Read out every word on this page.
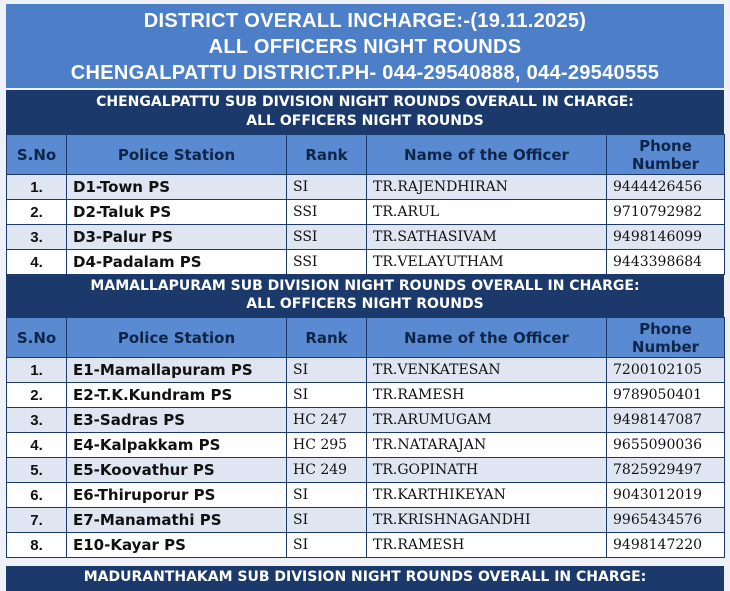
DISTRICT OVERALL INCHARGE:-(19.11.2025)
ALL OFFICERS NIGHT ROUNDS
CHENGALPATTU DISTRICT.PH- 044-29540888, 044-29540555
CHENGALPATTU SUB DIVISION NIGHT ROUNDS OVERALL IN CHARGE:
ALL OFFICERS NIGHT ROUNDS
S.No	Police Station	Rank	Name of the Officer	Phone
Number
1.	D1-Town PS	SI	TR.RAJENDHIRAN	9444426456
2.	D2-Taluk PS	SSI	TR.ARUL	9710792982
3.	D3-Palur PS	SSI	TR.SATHASIVAM	9498146099
4.	D4-Padalam PS	SSI	TR.VELAYUTHAM	9443398684
MAMALLAPURAM SUB DIVISION NIGHT ROUNDS OVERALL IN CHARGE:
ALL OFFICERS NIGHT ROUNDS
S.No	Police Station	Rank	Name of the Officer	Phone
Number
1.	E1-Mamallapuram PS	SI	TR.VENKATESAN	7200102105
2.	E2-T.K.Kundram PS	SI	TR.RAMESH	9789050401
3.	E3-Sadras PS	HC 247	TR.ARUMUGAM	9498147087
4.	E4-Kalpakkam PS	HC 295	TR.NATARAJAN	9655090036
5.	E5-Koovathur PS	HC 249	TR.GOPINATH	7825929497
6.	E6-Thiruporur PS	SI	TR.KARTHIKEYAN	9043012019
7.	E7-Manamathi PS	SI	TR.KRISHNAGANDHI	9965434576
8.	E10-Kayar PS	SI	TR.RAMESH	9498147220
MADURANTHAKAM SUB DIVISION NIGHT ROUNDS OVERALL IN CHARGE:
